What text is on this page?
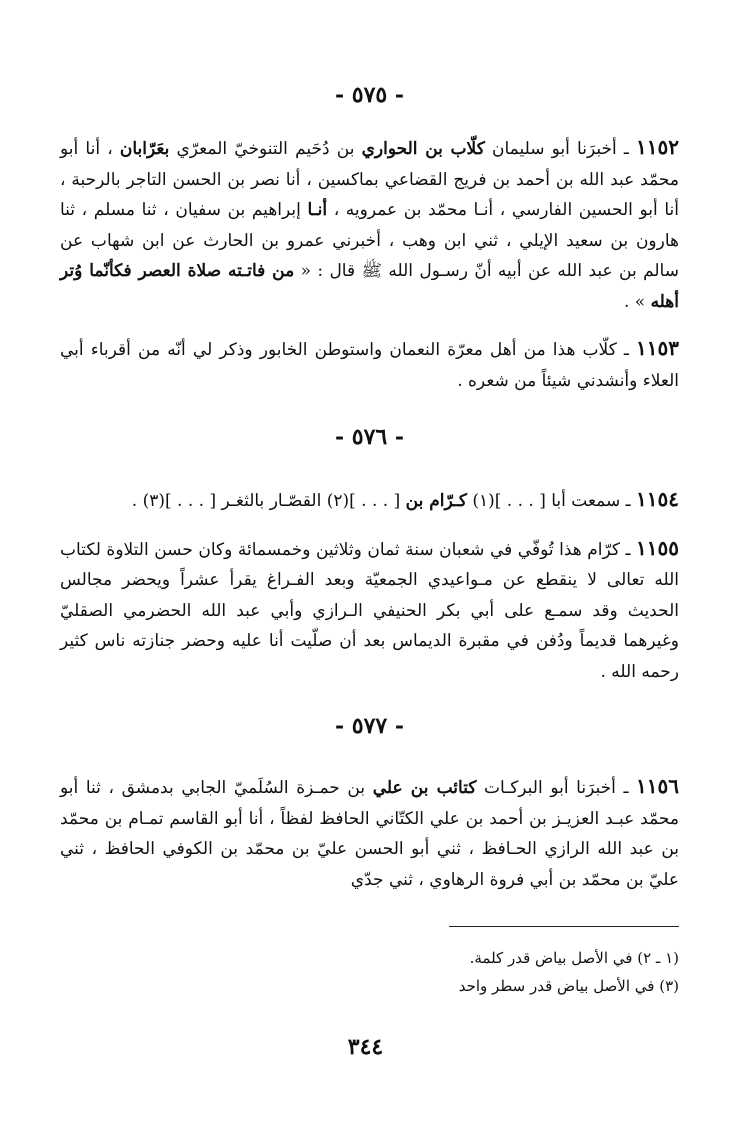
- ٥٧٥ -

١١٥٢ ـ أخبرَنا أبو سليمان كلّاب بن الحواري بن دُحَيم التنوخيّ المعرّي بعَرّابان ، أنا أبو محمّد عبد الله بن أحمد بن فريج القضاعي بماكسين ، أنا نصر بن الحسن التاجر بالرحبة ، أنا أبو الحسين الفارسي ، أنـا محمّد بن عمرويه ، أنـا إبراهيم بن سفيان ، ثنا مسلم ، ثنا هارون بن سعيد الإيلي ، ثني ابن وهب ، أخبرني عمرو بن الحارث عن ابن شهاب عن سالم بن عبد الله عن أبيه أنّ رسـول الله ﷺ قال : « من فاتـته صلاة العصر فكأنّما وُتر أهله » .

١١٥٣ ـ كلّاب هذا من أهل معرّة النعمان واستوطن الخابور وذكر لي أنّه من أقرباء أبي العلاء وأنشدني شيئاً من شعره .

- ٥٧٦ -

١١٥٤ ـ سمعت أبا [ . . . ](١) كـرّام بن [ . . . ](٢) القصّـار بالثغـر [ . . . ](٣) .

١١٥٥ ـ كرّام هذا تُوفّي في شعبان سنة ثمان وثلاثين وخمسمائة وكان حسن التلاوة لكتاب الله تعالى لا ينقطع عن مـواعيدي الجمعيّة وبعد الفـراغ يقرأ عشراً ويحضر مجالس الحديث وقد سمـع على أبي بكر الحنيفي الـرازي وأبي عبد الله الحضرمي الصقليّ وغيرهما قديماً ودُفن في مقبرة الديماس بعد أن صلّيت أنا عليه وحضر جنازته ناس كثير رحمه الله .

- ٥٧٧ -

١١٥٦ ـ أخبرَنا أبو البركـات كتائب بن علي بن حمـزة السُلَميّ الجابي بدمشق ، ثنا أبو محمّد عبـد العزيـز بن أحمد بن علي الكتّاني الحافظ لفظاً ، أنا أبو القاسم تمـام بن محمّد بن عبد الله الرازي الحـافظ ، ثني أبو الحسن عليّ بن محمّد بن الكوفي الحافظ ، ثني عليّ بن محمّد بن أبي فروة الرهاوي ، ثني جدّي

(١ ـ ٢) في الأصل بياض قدر كلمة.
(٣) في الأصل بياض قدر سطر واحد
٣٤٤
